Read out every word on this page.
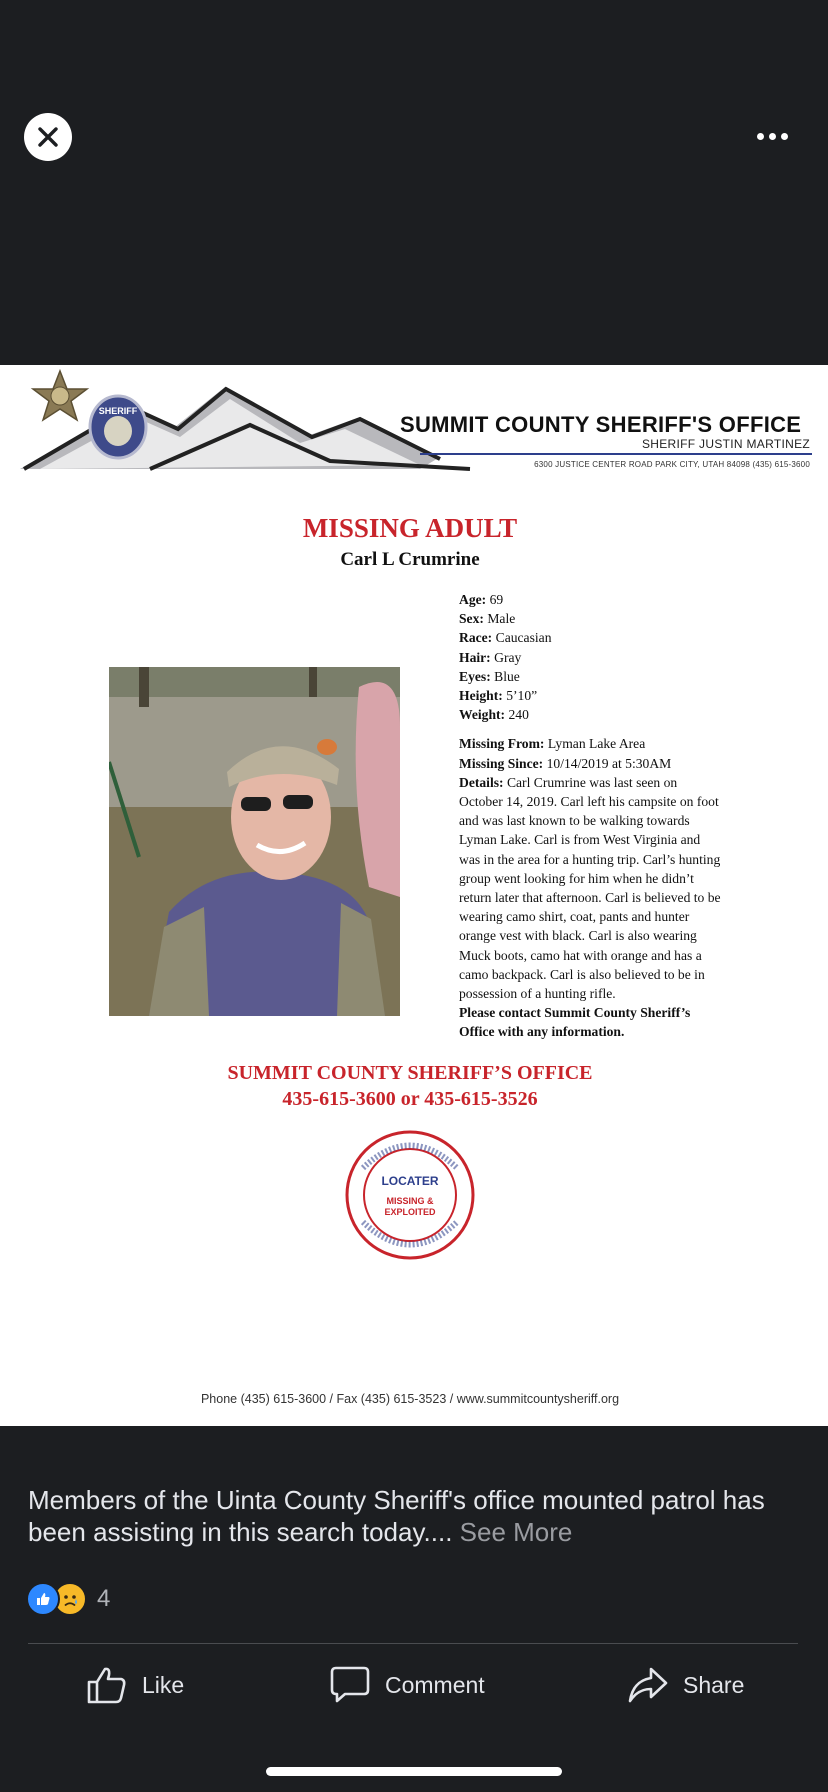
SHERIFF
SUMMIT COUNTY SHERIFF'S OFFICE
SHERIFF JUSTIN MARTINEZ
6300 JUSTICE CENTER ROAD PARK CITY, UTAH 84098 (435) 615-3600
MISSING ADULT
Carl L Crumrine
Age: 69
Sex: Male
Race: Caucasian
Hair: Gray
Eyes: Blue
Height: 5’10”
Weight: 240
Missing From: Lyman Lake Area
Missing Since: 10/14/2019 at 5:30AM
Details: Carl Crumrine was last seen on October 14, 2019. Carl left his campsite on foot and was last known to be walking towards Lyman Lake. Carl is from West Virginia and was in the area for a hunting trip. Carl’s hunting group went looking for him when he didn’t return later that afternoon. Carl is believed to be wearing camo shirt, coat, pants and hunter orange vest with black. Carl is also wearing Muck boots, camo hat with orange and has a camo backpack. Carl is also believed to be in possession of a hunting rifle.
Please contact Summit County Sheriff’s Office with any information.
SUMMIT COUNTY SHERIFF’S OFFICE
435-615-3600 or 435-615-3526
LOCATER
MISSING &
EXPLOITED
Phone (435) 615-3600 / Fax (435) 615-3523 / www.summitcountysheriff.org
Members of the Uinta County Sheriff's office mounted patrol has been assisting in this search today.... See More
4
Like	Comment	Share
